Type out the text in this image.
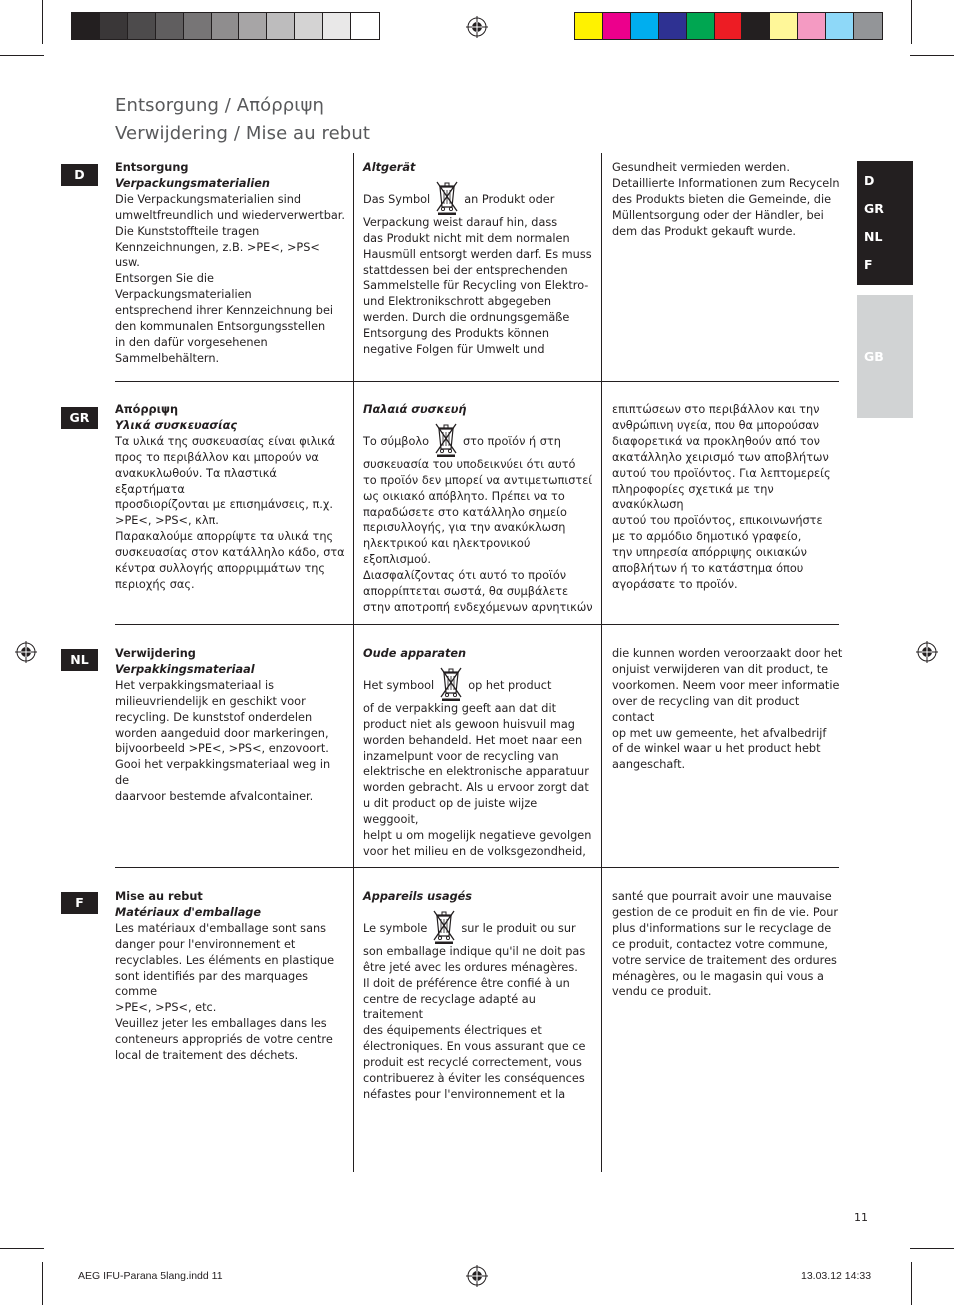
Entsorgung / Απόρριψη
Verwijdering / Mise au rebut
D
GR
NL
F
GB
D	Entsorgung

Verpackungsmaterialien

Die Verpackungsmaterialien sind
umweltfreundlich und wiederverwertbar.
Die Kunststoffteile tragen
Kennzeichnungen, z.B. >PE<, >PS< usw.
Entsorgen Sie die Verpackungsmaterialien
entsprechend ihrer Kennzeichnung bei
den kommunalen Entsorgungsstellen
in den dafür vorgesehenen
Sammelbehältern.

Altgerät

Das Symbol	an Produkt oder

Verpackung weist darauf hin, dass
das Produkt nicht mit dem normalen
Hausmüll entsorgt werden darf. Es muss
stattdessen bei der entsprechenden
Sammelstelle für Recycling von Elektro-
und Elektronikschrott abgegeben
werden. Durch die ordnungsgemäße
Entsorgung des Produkts können
negative Folgen für Umwelt und

Gesundheit vermieden werden.
Detaillierte Informationen zum Recyceln
des Produkts bieten die Gemeinde, die
Müllentsorgung oder der Händler, bei
dem das Produkt gekauft wurde.

GR

Απόρριψη

Υλικά συσκευασίας

Τα υλικά της συσκευασίας είναι φιλικά
προς το περιβάλλον και μπορούν να
ανακυκλωθούν. Τα πλαστικά εξαρτήματα
προσδιορίζονται με επισημάνσεις, π.χ.
>PE<, >PS<, κλπ.
Παρακαλούμε απορρίψτε τα υλικά της
συσκευασίας στον κατάλληλο κάδο, στα
κέντρα συλλογής απορριμμάτων της
περιοχής σας.

Παλαιά συσκευή

Το σύμβολο	στο προϊόν ή στη

συσκευασία του υποδεικνύει ότι αυτό
το προϊόν δεν μπορεί να αντιμετωπιστεί
ως οικιακό απόβλητο. Πρέπει να το
παραδώσετε στο κατάλληλο σημείο
περισυλλογής, για την ανακύκλωση
ηλεκτρικού και ηλεκτρονικού εξοπλισμού.
Διασφαλίζοντας ότι αυτό το προϊόν
απορρίπτεται σωστά, θα συμβάλετε
στην αποτροπή ενδεχόμενων αρνητικών

επιπτώσεων στο περιβάλλον και την
ανθρώπινη υγεία, που θα μπορούσαν
διαφορετικά να προκληθούν από τον
ακατάλληλο χειρισμό των αποβλήτων
αυτού του προϊόντος. Για λεπτομερείς
πληροφορίες σχετικά με την ανακύκλωση
αυτού του προϊόντος, επικοινωνήστε
με το αρμόδιο δημοτικό γραφείο,
την υπηρεσία απόρριψης οικιακών
αποβλήτων ή το κατάστημα όπου
αγοράσατε το προϊόν.

NL	Verwijdering

Verpakkingsmateriaal

Het verpakkingsmateriaal is
milieuvriendelijk en geschikt voor
recycling. De kunststof onderdelen
worden aangeduid door markeringen,
bijvoorbeeld >PE<, >PS<, enzovoort.
Gooi het verpakkingsmateriaal weg in de
daarvoor bestemde afvalcontainer.

Oude apparaten

Het symbool	op het product

of de verpakking geeft aan dat dit
product niet als gewoon huisvuil mag
worden behandeld. Het moet naar een
inzamelpunt voor de recycling van
elektrische en elektronische apparatuur
worden gebracht. Als u ervoor zorgt dat
u dit product op de juiste wijze weggooit,
helpt u om mogelijk negatieve gevolgen
voor het milieu en de volksgezondheid,

die kunnen worden veroorzaakt door het
onjuist verwijderen van dit product, te
voorkomen. Neem voor meer informatie
over de recycling van dit product contact
op met uw gemeente, het afvalbedrijf
of de winkel waar u het product hebt
aangeschaft.

F	Mise au rebut

Matériaux d'emballage

Les matériaux d'emballage sont sans
danger pour l'environnement et
recyclables. Les éléments en plastique
sont identifiés par des marquages comme
>PE<, >PS<, etc.
Veuillez jeter les emballages dans les
conteneurs appropriés de votre centre
local de traitement des déchets.

Appareils usagés

Le symbole	sur le produit ou sur

son emballage indique qu'il ne doit pas
être jeté avec les ordures ménagères.
Il doit de préférence être confié à un
centre de recyclage adapté au traitement
des équipements électriques et
électroniques. En vous assurant que ce
produit est recyclé correctement, vous
contribuerez à éviter les conséquences
néfastes pour l'environnement et la

santé que pourrait avoir une mauvaise
gestion de ce produit en fin de vie. Pour
plus d'informations sur le recyclage de
ce produit, contactez votre commune,
votre service de traitement des ordures
ménagères, ou le magasin qui vous a
vendu ce produit.

11
AEG IFU-Parana 5lang.indd 11	13.03.12 14:33
